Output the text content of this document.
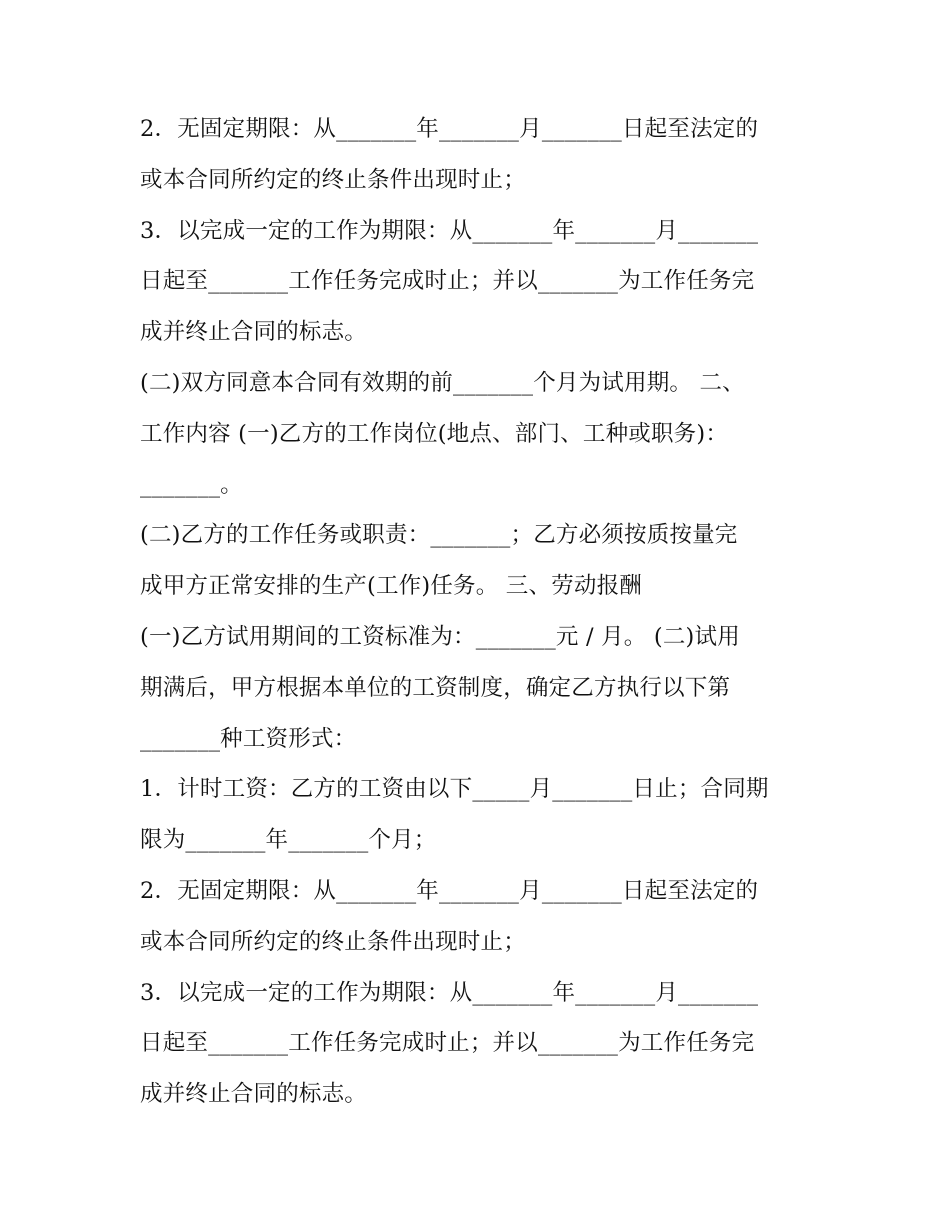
2．无固定期限：从_______年_______月_______日起至法定的
或本合同所约定的终止条件出现时止；
3．以完成一定的工作为期限：从_______年_______月_______
日起至_______工作任务完成时止；并以_______为工作任务完
成并终止合同的标志。
(二)双方同意本合同有效期的前_______个月为试用期。 二、
工作内容 (一)乙方的工作岗位(地点、部门、工种或职务)：
_______。
(二)乙方的工作任务或职责：_______；乙方必须按质按量完
成甲方正常安排的生产(工作)任务。 三、劳动报酬
(一)乙方试用期间的工资标准为：_______元 / 月。 (二)试用
期满后，甲方根据本单位的工资制度，确定乙方执行以下第
_______种工资形式：
1．计时工资：乙方的工资由以下_____月_______日止；合同期
限为_______年_______个月；
2．无固定期限：从_______年_______月_______日起至法定的
或本合同所约定的终止条件出现时止；
3．以完成一定的工作为期限：从_______年_______月_______
日起至_______工作任务完成时止；并以_______为工作任务完
成并终止合同的标志。
